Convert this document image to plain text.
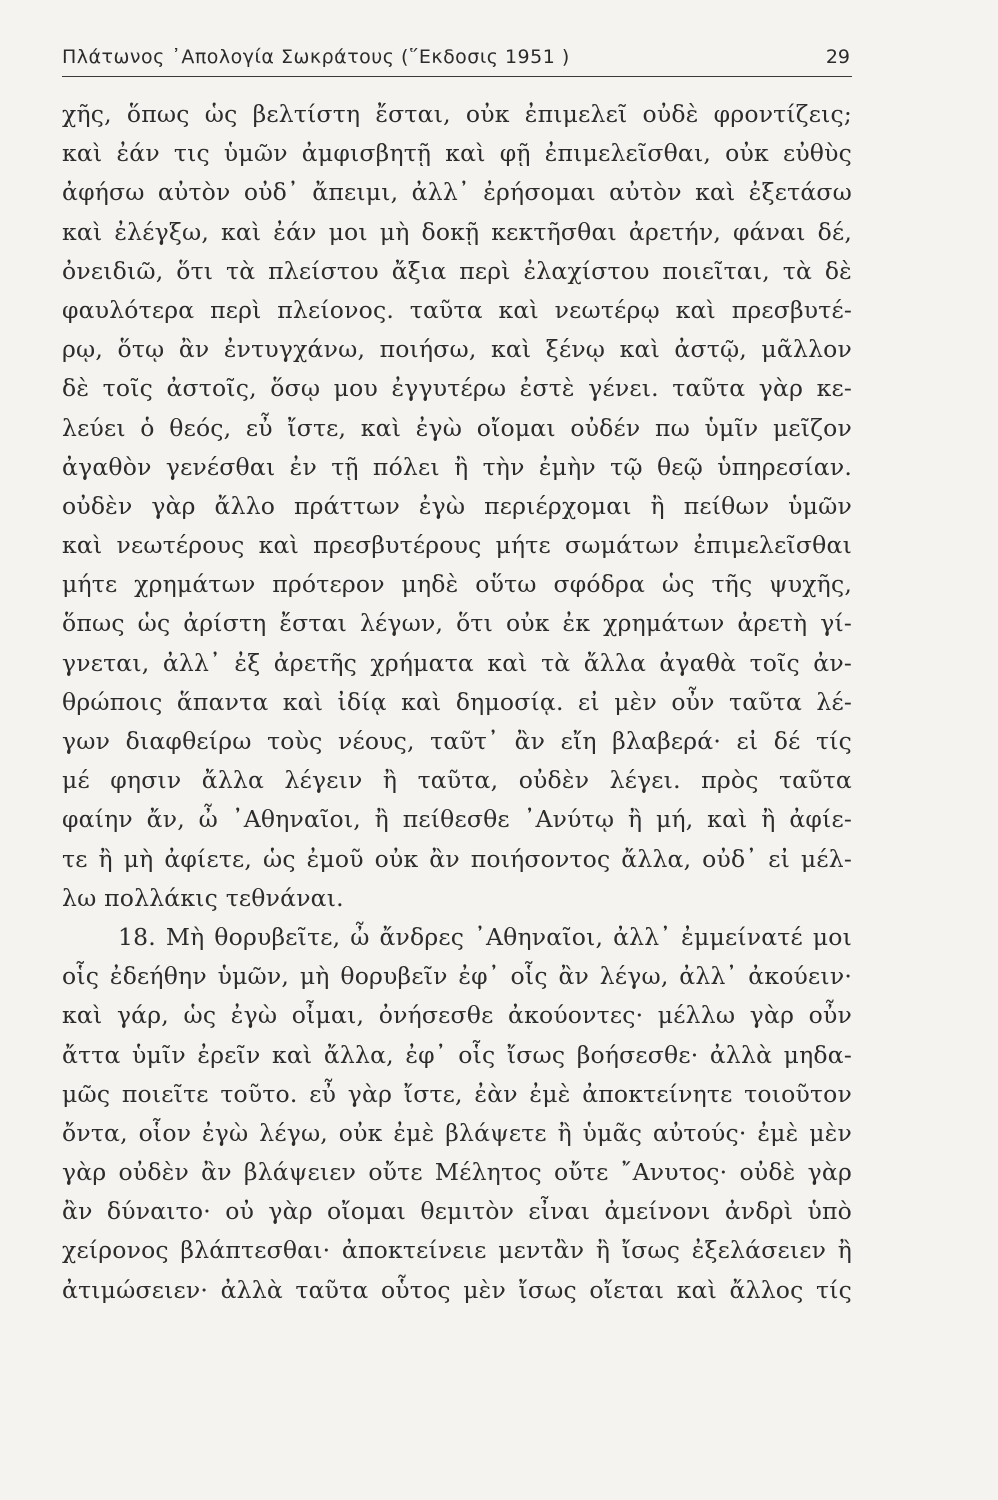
Πλάτωνος ᾿Απολογία Σωκράτους (῞Εκδοσις 1951 )	29
χῆς, ὅπως ὡς βελτίστη ἔσται, οὐκ ἐπιμελεῖ οὐδὲ φροντίζεις;
καὶ ἐάν τις ὑμῶν ἀμφισβητῇ καὶ φῇ ἐπιμελεῖσθαι, οὐκ εὐθὺς
ἀφήσω αὐτὸν οὐδ᾽ ἄπειμι, ἀλλ᾽ ἐρήσομαι αὐτὸν καὶ ἐξετάσω
καὶ ἐλέγξω, καὶ ἐάν μοι μὴ δοκῇ κεκτῆσθαι ἀρετήν, φάναι δέ,
ὀνειδιῶ, ὅτι τὰ πλείστου ἄξια περὶ ἐλαχίστου ποιεῖται, τὰ δὲ
φαυλότερα περὶ πλείονος. ταῦτα καὶ νεωτέρῳ καὶ πρεσβυτέ-
ρῳ, ὅτῳ ἂν ἐντυγχάνω, ποιήσω, καὶ ξένῳ καὶ ἀστῷ, μᾶλλον
δὲ τοῖς ἀστοῖς, ὅσῳ μου ἐγγυτέρω ἐστὲ γένει. ταῦτα γὰρ κε-
λεύει ὁ θεός, εὖ ἴστε, καὶ ἐγὼ οἴομαι οὐδέν πω ὑμῖν μεῖζον
ἀγαθὸν γενέσθαι ἐν τῇ πόλει ἢ τὴν ἐμὴν τῷ θεῷ ὑπηρεσίαν.
οὐδὲν γὰρ ἄλλο πράττων ἐγὼ περιέρχομαι ἢ πείθων ὑμῶν
καὶ νεωτέρους καὶ πρεσβυτέρους μήτε σωμάτων ἐπιμελεῖσθαι
μήτε χρημάτων πρότερον μηδὲ οὕτω σφόδρα ὡς τῆς ψυχῆς,
ὅπως ὡς ἀρίστη ἔσται λέγων, ὅτι οὐκ ἐκ χρημάτων ἀρετὴ γί-
γνεται, ἀλλ᾽ ἐξ ἀρετῆς χρήματα καὶ τὰ ἄλλα ἀγαθὰ τοῖς ἀν-
θρώποις ἅπαντα καὶ ἰδίᾳ καὶ δημοσίᾳ. εἰ μὲν οὖν ταῦτα λέ-
γων διαφθείρω τοὺς νέους, ταῦτ᾽ ἂν εἴη βλαβερά· εἰ δέ τίς
μέ φησιν ἄλλα λέγειν ἢ ταῦτα, οὐδὲν λέγει. πρὸς ταῦτα
φαίην ἄν, ὦ ᾽Αθηναῖοι, ἢ πείθεσθε ᾽Ανύτῳ ἢ μή, καὶ ἢ ἀφίε-
τε ἢ μὴ ἀφίετε, ὡς ἐμοῦ οὐκ ἂν ποιήσοντος ἄλλα, οὐδ᾽ εἰ μέλ-
λω πολλάκις τεθνάναι.
18. Μὴ θορυβεῖτε, ὦ ἄνδρες ᾽Αθηναῖοι, ἀλλ᾽ ἐμμείνατέ μοι
οἷς ἐδεήθην ὑμῶν, μὴ θορυβεῖν ἐφ᾽ οἷς ἂν λέγω, ἀλλ᾽ ἀκούειν·
καὶ γάρ, ὡς ἐγὼ οἶμαι, ὀνήσεσθε ἀκούοντες· μέλλω γὰρ οὖν
ἄττα ὑμῖν ἐρεῖν καὶ ἄλλα, ἐφ᾽ οἷς ἴσως βοήσεσθε· ἀλλὰ μηδα-
μῶς ποιεῖτε τοῦτο. εὖ γὰρ ἴστε, ἐὰν ἐμὲ ἀποκτείνητε τοιοῦτον
ὄντα, οἷον ἐγὼ λέγω, οὐκ ἐμὲ βλάψετε ἢ ὑμᾶς αὐτούς· ἐμὲ μὲν
γὰρ οὐδὲν ἂν βλάψειεν οὔτε Μέλητος οὔτε ῎Ανυτος· οὐδὲ γὰρ
ἂν δύναιτο· οὐ γὰρ οἴομαι θεμιτὸν εἶναι ἀμείνονι ἀνδρὶ ὑπὸ
χείρονος βλάπτεσθαι· ἀποκτείνειε μεντἂν ἢ ἴσως ἐξελάσειεν ἢ
ἀτιμώσειεν· ἀλλὰ ταῦτα οὗτος μὲν ἴσως οἴεται καὶ ἄλλος τίς
